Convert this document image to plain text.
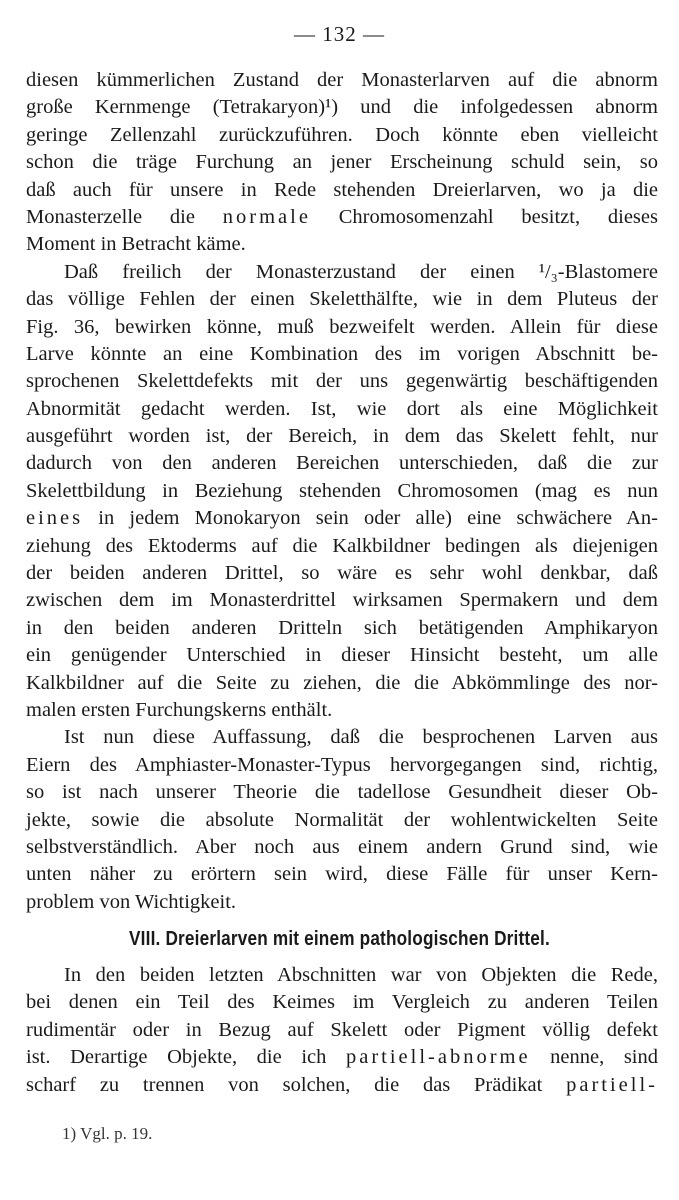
— 132 —
diesen kümmerlichen Zustand der Monasterlarven auf die abnorm
große Kernmenge (Tetrakaryon)¹) und die infolgedessen abnorm
geringe Zellenzahl zurückzuführen. Doch könnte eben vielleicht
schon die träge Furchung an jener Erscheinung schuld sein, so
daß auch für unsere in Rede stehenden Dreierlarven, wo ja die
Monasterzelle die normale Chromosomenzahl besitzt, dieses
Moment in Betracht käme.
Daß freilich der Monasterzustand der einen ¹/₃-Blastomere
das völlige Fehlen der einen Skeletthälfte, wie in dem Pluteus der
Fig. 36, bewirken könne, muß bezweifelt werden. Allein für diese
Larve könnte an eine Kombination des im vorigen Abschnitt be-
sprochenen Skelettdefekts mit der uns gegenwärtig beschäftigenden
Abnormität gedacht werden. Ist, wie dort als eine Möglichkeit
ausgeführt worden ist, der Bereich, in dem das Skelett fehlt, nur
dadurch von den anderen Bereichen unterschieden, daß die zur
Skelettbildung in Beziehung stehenden Chromosomen (mag es nun
eines in jedem Monokaryon sein oder alle) eine schwächere An-
ziehung des Ektoderms auf die Kalkbildner bedingen als diejenigen
der beiden anderen Drittel, so wäre es sehr wohl denkbar, daß
zwischen dem im Monasterdrittel wirksamen Spermakern und dem
in den beiden anderen Dritteln sich betätigenden Amphikaryon
ein genügender Unterschied in dieser Hinsicht besteht, um alle
Kalkbildner auf die Seite zu ziehen, die die Abkömmlinge des nor-
malen ersten Furchungskerns enthält.
Ist nun diese Auffassung, daß die besprochenen Larven aus
Eiern des Amphiaster-Monaster-Typus hervorgegangen sind, richtig,
so ist nach unserer Theorie die tadellose Gesundheit dieser Ob-
jekte, sowie die absolute Normalität der wohlentwickelten Seite
selbstverständlich. Aber noch aus einem andern Grund sind, wie
unten näher zu erörtern sein wird, diese Fälle für unser Kern-
problem von Wichtigkeit.
VIII. Dreierlarven mit einem pathologischen Drittel.
In den beiden letzten Abschnitten war von Objekten die Rede,
bei denen ein Teil des Keimes im Vergleich zu anderen Teilen
rudimentär oder in Bezug auf Skelett oder Pigment völlig defekt
ist. Derartige Objekte, die ich partiell-abnorme nenne, sind
scharf zu trennen von solchen, die das Prädikat partiell-
1) Vgl. p. 19.
